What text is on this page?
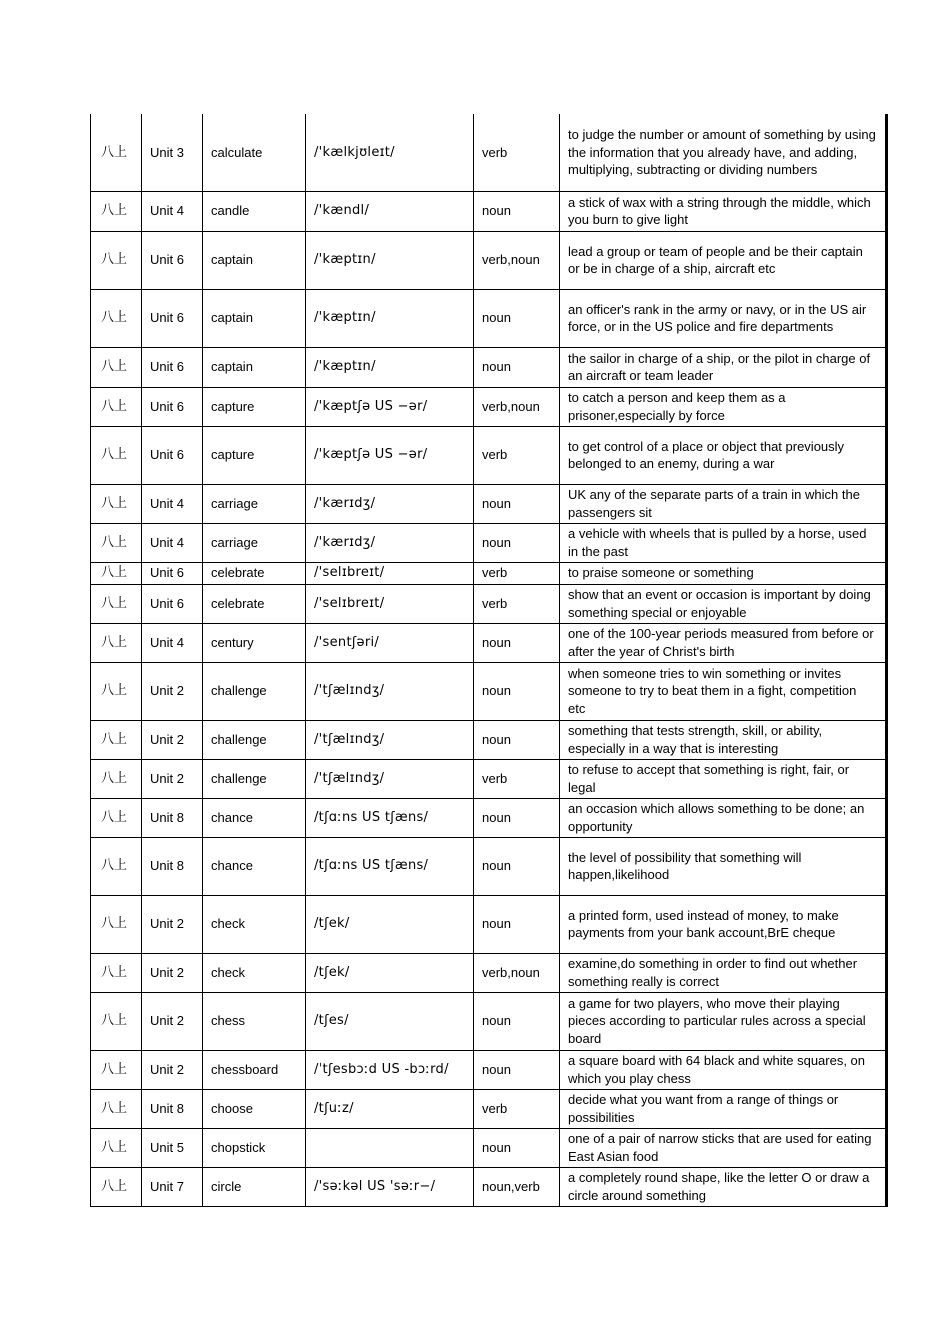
八上	Unit 3	calculate	/'kælkjʊleɪt/	verb	to judge the number or amount of something by using the information that you already have, and adding, multiplying, subtracting or dividing numbers
八上	Unit 4	candle	/'kændl/	noun	a stick of wax with a string through the middle, which you burn to give light
八上	Unit 6	captain	/'kæptɪn/	verb,noun	lead a group or team of people and be their captain or be in charge of a ship, aircraft etc
八上	Unit 6	captain	/'kæptɪn/	noun	an officer's rank in the army or navy, or in the US air force, or in the US police and fire departments
八上	Unit 6	captain	/'kæptɪn/	noun	the sailor in charge of a ship, or the pilot in charge of an aircraft or team leader
八上	Unit 6	capture	/'kæptʃə US −ər/	verb,noun	to catch a person and keep them as a prisoner,especially by force
八上	Unit 6	capture	/'kæptʃə US −ər/	verb	to get control of a place or object that previously belonged to an enemy, during a war
八上	Unit 4	carriage	/'kærɪdʒ/	noun	UK any of the separate parts of a train in which the passengers sit
八上	Unit 4	carriage	/'kærɪdʒ/	noun	a vehicle with wheels that is pulled by a horse, used in the past
八上	Unit 6	celebrate	/'selɪbreɪt/	verb	to praise someone or something
八上	Unit 6	celebrate	/'selɪbreɪt/	verb	show that an event or occasion is important by doing something special or enjoyable
八上	Unit 4	century	/'sentʃəri/	noun	one of the 100-year periods measured from before or after the year of Christ's birth
八上	Unit 2	challenge	/'tʃælɪndʒ/	noun	when someone tries to win something or invites someone to try to beat them in a fight, competition etc
八上	Unit 2	challenge	/'tʃælɪndʒ/	noun	something that tests strength, skill, or ability, especially in a way that is interesting
八上	Unit 2	challenge	/'tʃælɪndʒ/	verb	to refuse to accept that something is right, fair, or legal
八上	Unit 8	chance	/tʃɑːns US tʃæns/	noun	an occasion which allows something to be done; an opportunity
八上	Unit 8	chance	/tʃɑːns US tʃæns/	noun	the level of possibility that something will happen,likelihood
八上	Unit 2	check	/tʃek/	noun	a printed form, used instead of money, to make payments from your bank account,BrE cheque
八上	Unit 2	check	/tʃek/	verb,noun	examine,do something in order to find out whether something really is correct
八上	Unit 2	chess	/tʃes/	noun	a game for two players, who move their playing pieces according to particular rules across a special board
八上	Unit 2	chessboard	/ˈtʃesbɔːd US -bɔːrd/	noun	a square board with 64 black and white squares, on which you play chess
八上	Unit 8	choose	/tʃuːz/	verb	decide what you want from a range of things or possibilities
八上	Unit 5	chopstick		noun	one of a pair of narrow sticks that are used for eating East Asian food
八上	Unit 7	circle	/'səːkəl US 'səːr−/	noun,verb	a completely round shape, like the letter O or draw a circle around something
